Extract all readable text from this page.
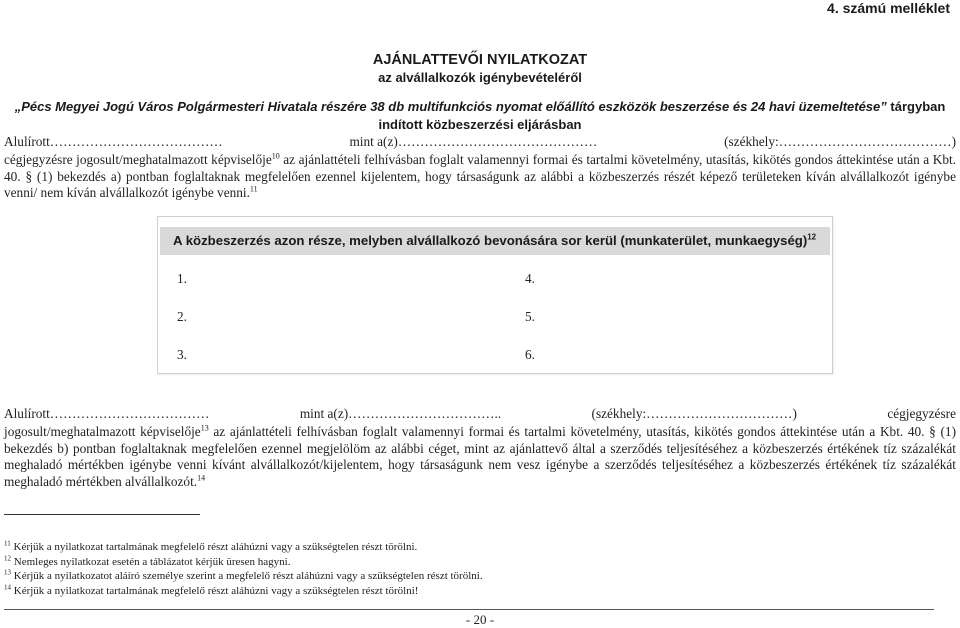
4. számú melléklet
AJÁNLATTEVŐI NYILATKOZAT
az alvállalkozók igénybevételéről
„Pécs Megyei Jogú Város Polgármesteri Hivatala részére 38 db multifunkciós nyomat előállító eszközök beszerzése és 24 havi üzemeltetése” tárgyban
indított közbeszerzési eljárásban
Alulírott…………………………………	mint a(z)………………………………………	(székhely:…………………………………)
cégjegyzésre jogosult/meghatalmazott képviselője$^{10}$ az ajánlattételi felhívásban foglalt valamennyi formai és tartalmi követelmény, utasítás, kikötés gondos áttekintése után a Kbt. 40. § (1) bekezdés a) pontban foglaltaknak megfelelően ezennel kijelentem, hogy társaságunk az alábbi a közbeszerzés részét képező területeken kíván alvállalkozót igénybe venni/ nem kíván alvállalkozót igénybe venni.$^{11}$
A közbeszerzés azon része, melyben alvállalkozó bevonására sor kerül (munkaterület, munkaegység)$^{12}$
1.	4.
2.	5.
3.	6.
Alulírott………………………………	mint a(z)……………………………..	(székhely:……………………………)	cégjegyzésre
jogosult/meghatalmazott képviselője$^{13}$ az ajánlattételi felhívásban foglalt valamennyi formai és tartalmi követelmény, utasítás, kikötés gondos áttekintése után a Kbt. 40. § (1) bekezdés b) pontban foglaltaknak megfelelően ezennel megjelölöm az alábbi céget, mint az ajánlattevő által a szerződés teljesítéséhez a közbeszerzés értékének tíz százalékát meghaladó mértékben igénybe venni kívánt alvállalkozót/kijelentem, hogy társaságunk nem vesz igénybe a szerződés teljesítéséhez a közbeszerzés értékének tíz százalékát meghaladó mértékben alvállalkozót.$^{14}$
$^{11}$ Kérjük a nyilatkozat tartalmának megfelelő részt aláhúzni vagy a szükségtelen részt törölni.
$^{12}$ Nemleges nyilatkozat esetén a táblázatot kérjük üresen hagyni.
$^{13}$ Kérjük a nyilatkozatot aláíró személye szerint a megfelelő részt aláhúzni vagy a szükségtelen részt törölni.
$^{14}$ Kérjük a nyilatkozat tartalmának megfelelő részt aláhúzni vagy a szükségtelen részt törölni!
- 20 -
